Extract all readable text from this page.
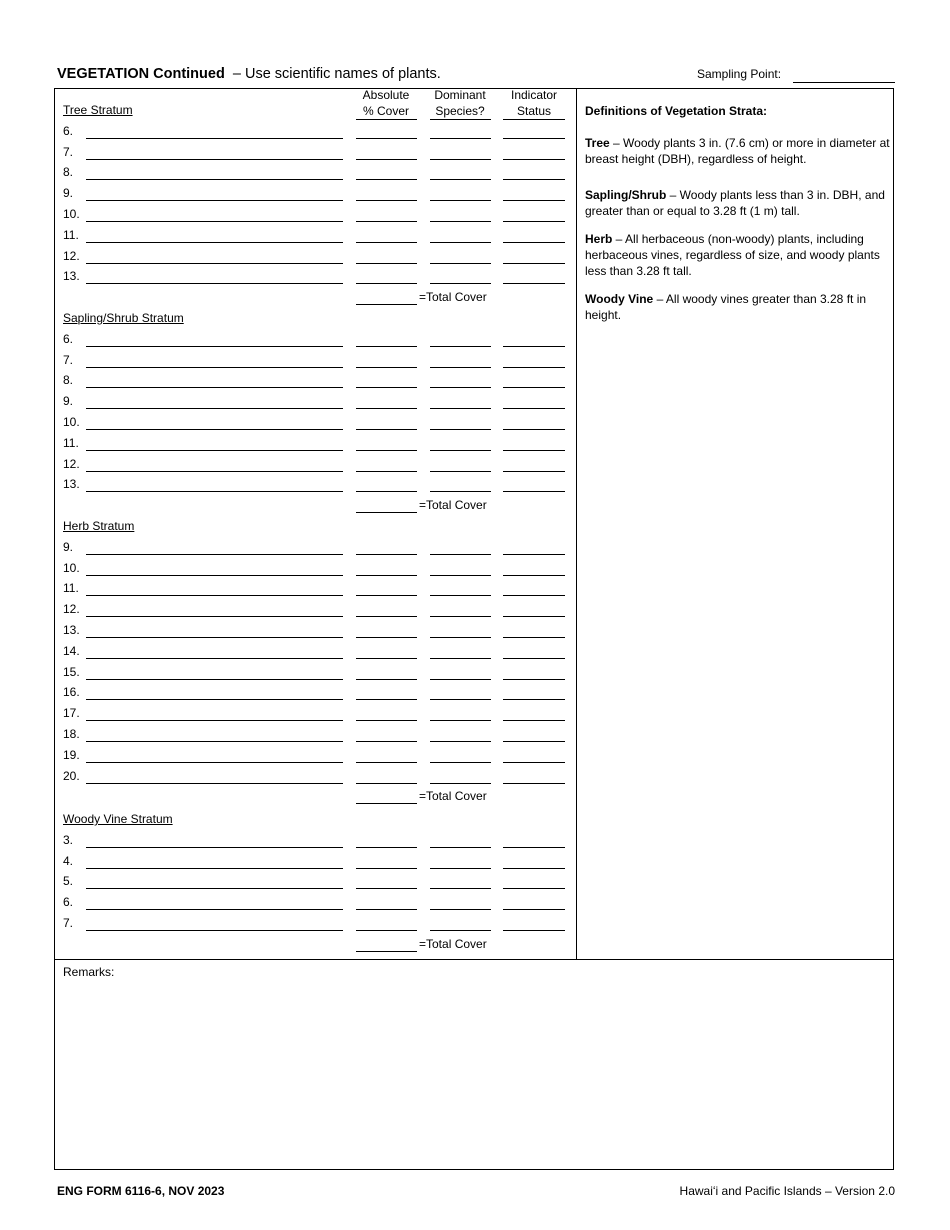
VEGETATION Continued – Use scientific names of plants.	Sampling Point:
Absolute
% Cover
Dominant
Species?
Indicator
Status
Tree Stratum
6.
7.
8.
9.
10.
11.
12.
13.
=Total Cover
Sapling/Shrub Stratum
6.
7.
8.
9.
10.
11.
12.
13.
=Total Cover
Herb Stratum
9.
10.
11.
12.
13.
14.
15.
16.
17.
18.
19.
20.
=Total Cover
Woody Vine Stratum
3.
4.
5.
6.
7.
=Total Cover
Definitions of Vegetation Strata:
Tree – Woody plants 3 in. (7.6 cm) or more in diameter at breast height (DBH), regardless of height.
Sapling/Shrub – Woody plants less than 3 in. DBH, and greater than or equal to 3.28 ft (1 m) tall.
Herb – All herbaceous (non-woody) plants, including herbaceous vines, regardless of size, and woody plants less than 3.28 ft tall.
Woody Vine – All woody vines greater than 3.28 ft in height.
Remarks:
ENG FORM 6116-6, NOV 2023	Hawaiʻi and Pacific Islands – Version 2.0
